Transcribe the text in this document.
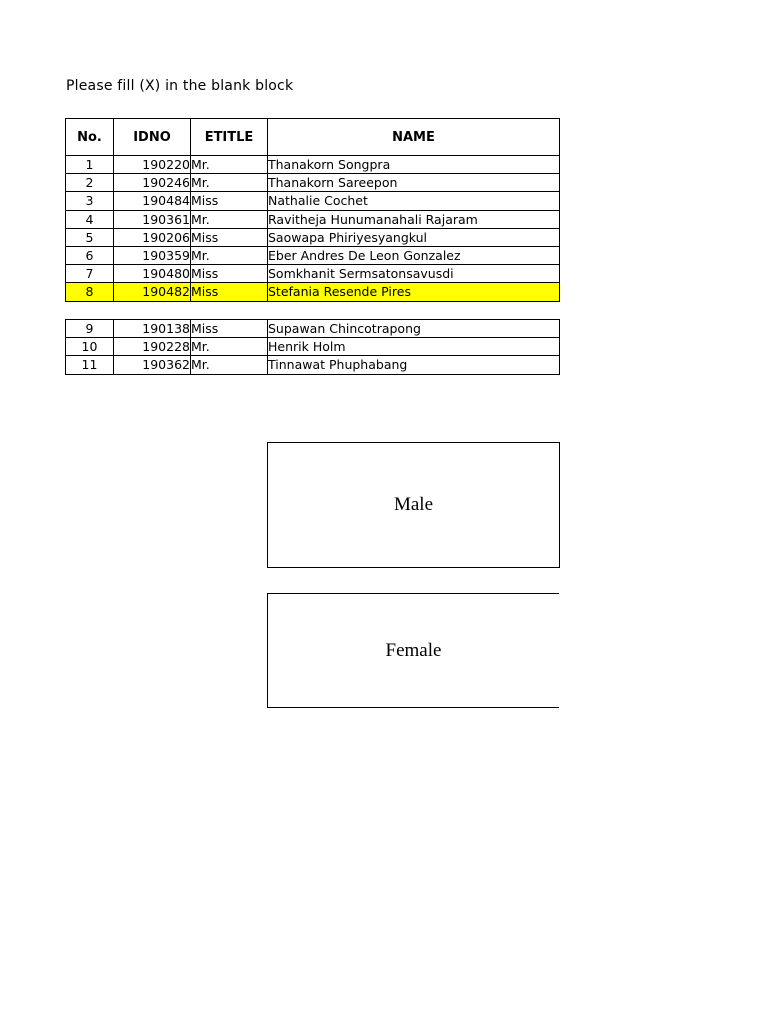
Please fill (X) in the blank block
No.	IDNO	ETITLE	NAME
1	190220	Mr.	Thanakorn Songpra
2	190246	Mr.	Thanakorn Sareepon
3	190484	Miss	Nathalie Cochet
4	190361	Mr.	Ravitheja Hunumanahali Rajaram
5	190206	Miss	Saowapa Phiriyesyangkul
6	190359	Mr.	Eber Andres De Leon Gonzalez
7	190480	Miss	Somkhanit Sermsatonsavusdi
8	190482	Miss	Stefania Resende Pires
9	190138	Miss	Supawan Chincotrapong
10	190228	Mr.	Henrik Holm
11	190362	Mr.	Tinnawat Phuphabang
Male
Female
